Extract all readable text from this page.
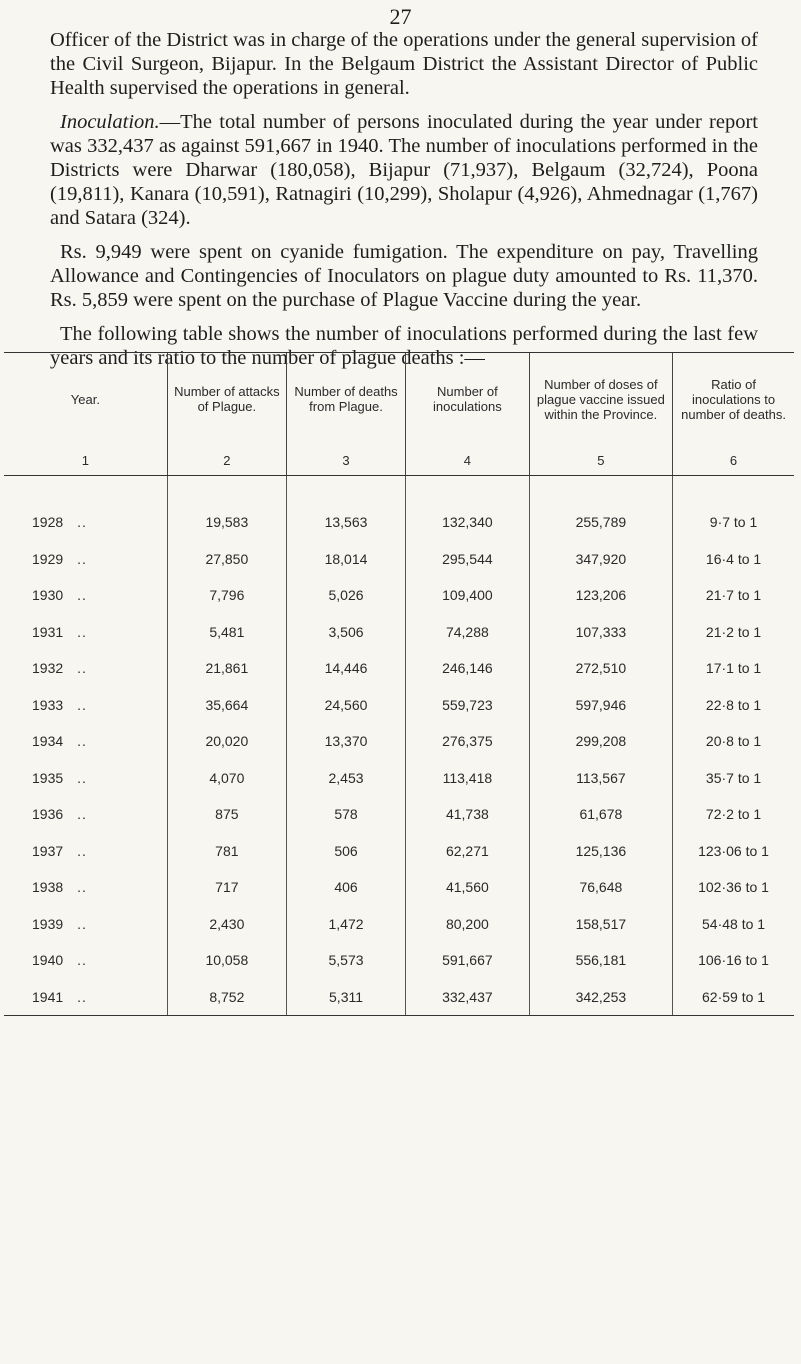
27

Officer of the District was in charge of the operations under the general supervision of the Civil Surgeon, Bijapur. In the Belgaum District the Assistant Director of Public Health supervised the operations in general.

Inoculation.—The total number of persons inoculated during the year under report was 332,437 as against 591,667 in 1940. The number of inoculations performed in the Districts were Dharwar (180,058), Bijapur (71,937), Belgaum (32,724), Poona (19,811), Kanara (10,591), Ratnagiri (10,299), Sholapur (4,926), Ahmednagar (1,767) and Satara (324).

Rs. 9,949 were spent on cyanide fumigation. The expenditure on pay, Travelling Allowance and Contingencies of Inoculators on plague duty amounted to Rs. 11,370. Rs. 5,859 were spent on the purchase of Plague Vaccine during the year.

The following table shows the number of inoculations performed during the last few years and its ratio to the number of plague deaths :—

Year.	Number of attacks of Plague.	Number of deaths from Plague.	Number of inoculations	Number of doses of plague vaccine issued within the Province.	Ratio of inoculations to number of deaths.
1	2	3	4	5	6

1928 ..	19,583	13,563	132,340	255,789	9·7 to 1
1929 ..	27,850	18,014	295,544	347,920	16·4 to 1
1930 ..	7,796	5,026	109,400	123,206	21·7 to 1
1931 ..	5,481	3,506	74,288	107,333	21·2 to 1
1932 ..	21,861	14,446	246,146	272,510	17·1 to 1
1933 ..	35,664	24,560	559,723	597,946	22·8 to 1
1934 ..	20,020	13,370	276,375	299,208	20·8 to 1
1935 ..	4,070	2,453	113,418	113,567	35·7 to 1
1936 ..	875	578	41,738	61,678	72·2 to 1
1937 ..	781	506	62,271	125,136	123·06 to 1
1938 ..	717	406	41,560	76,648	102·36 to 1
1939 ..	2,430	1,472	80,200	158,517	54·48 to 1
1940 ..	10,058	5,573	591,667	556,181	106·16 to 1
1941 ..	8,752	5,311	332,437	342,253	62·59 to 1
